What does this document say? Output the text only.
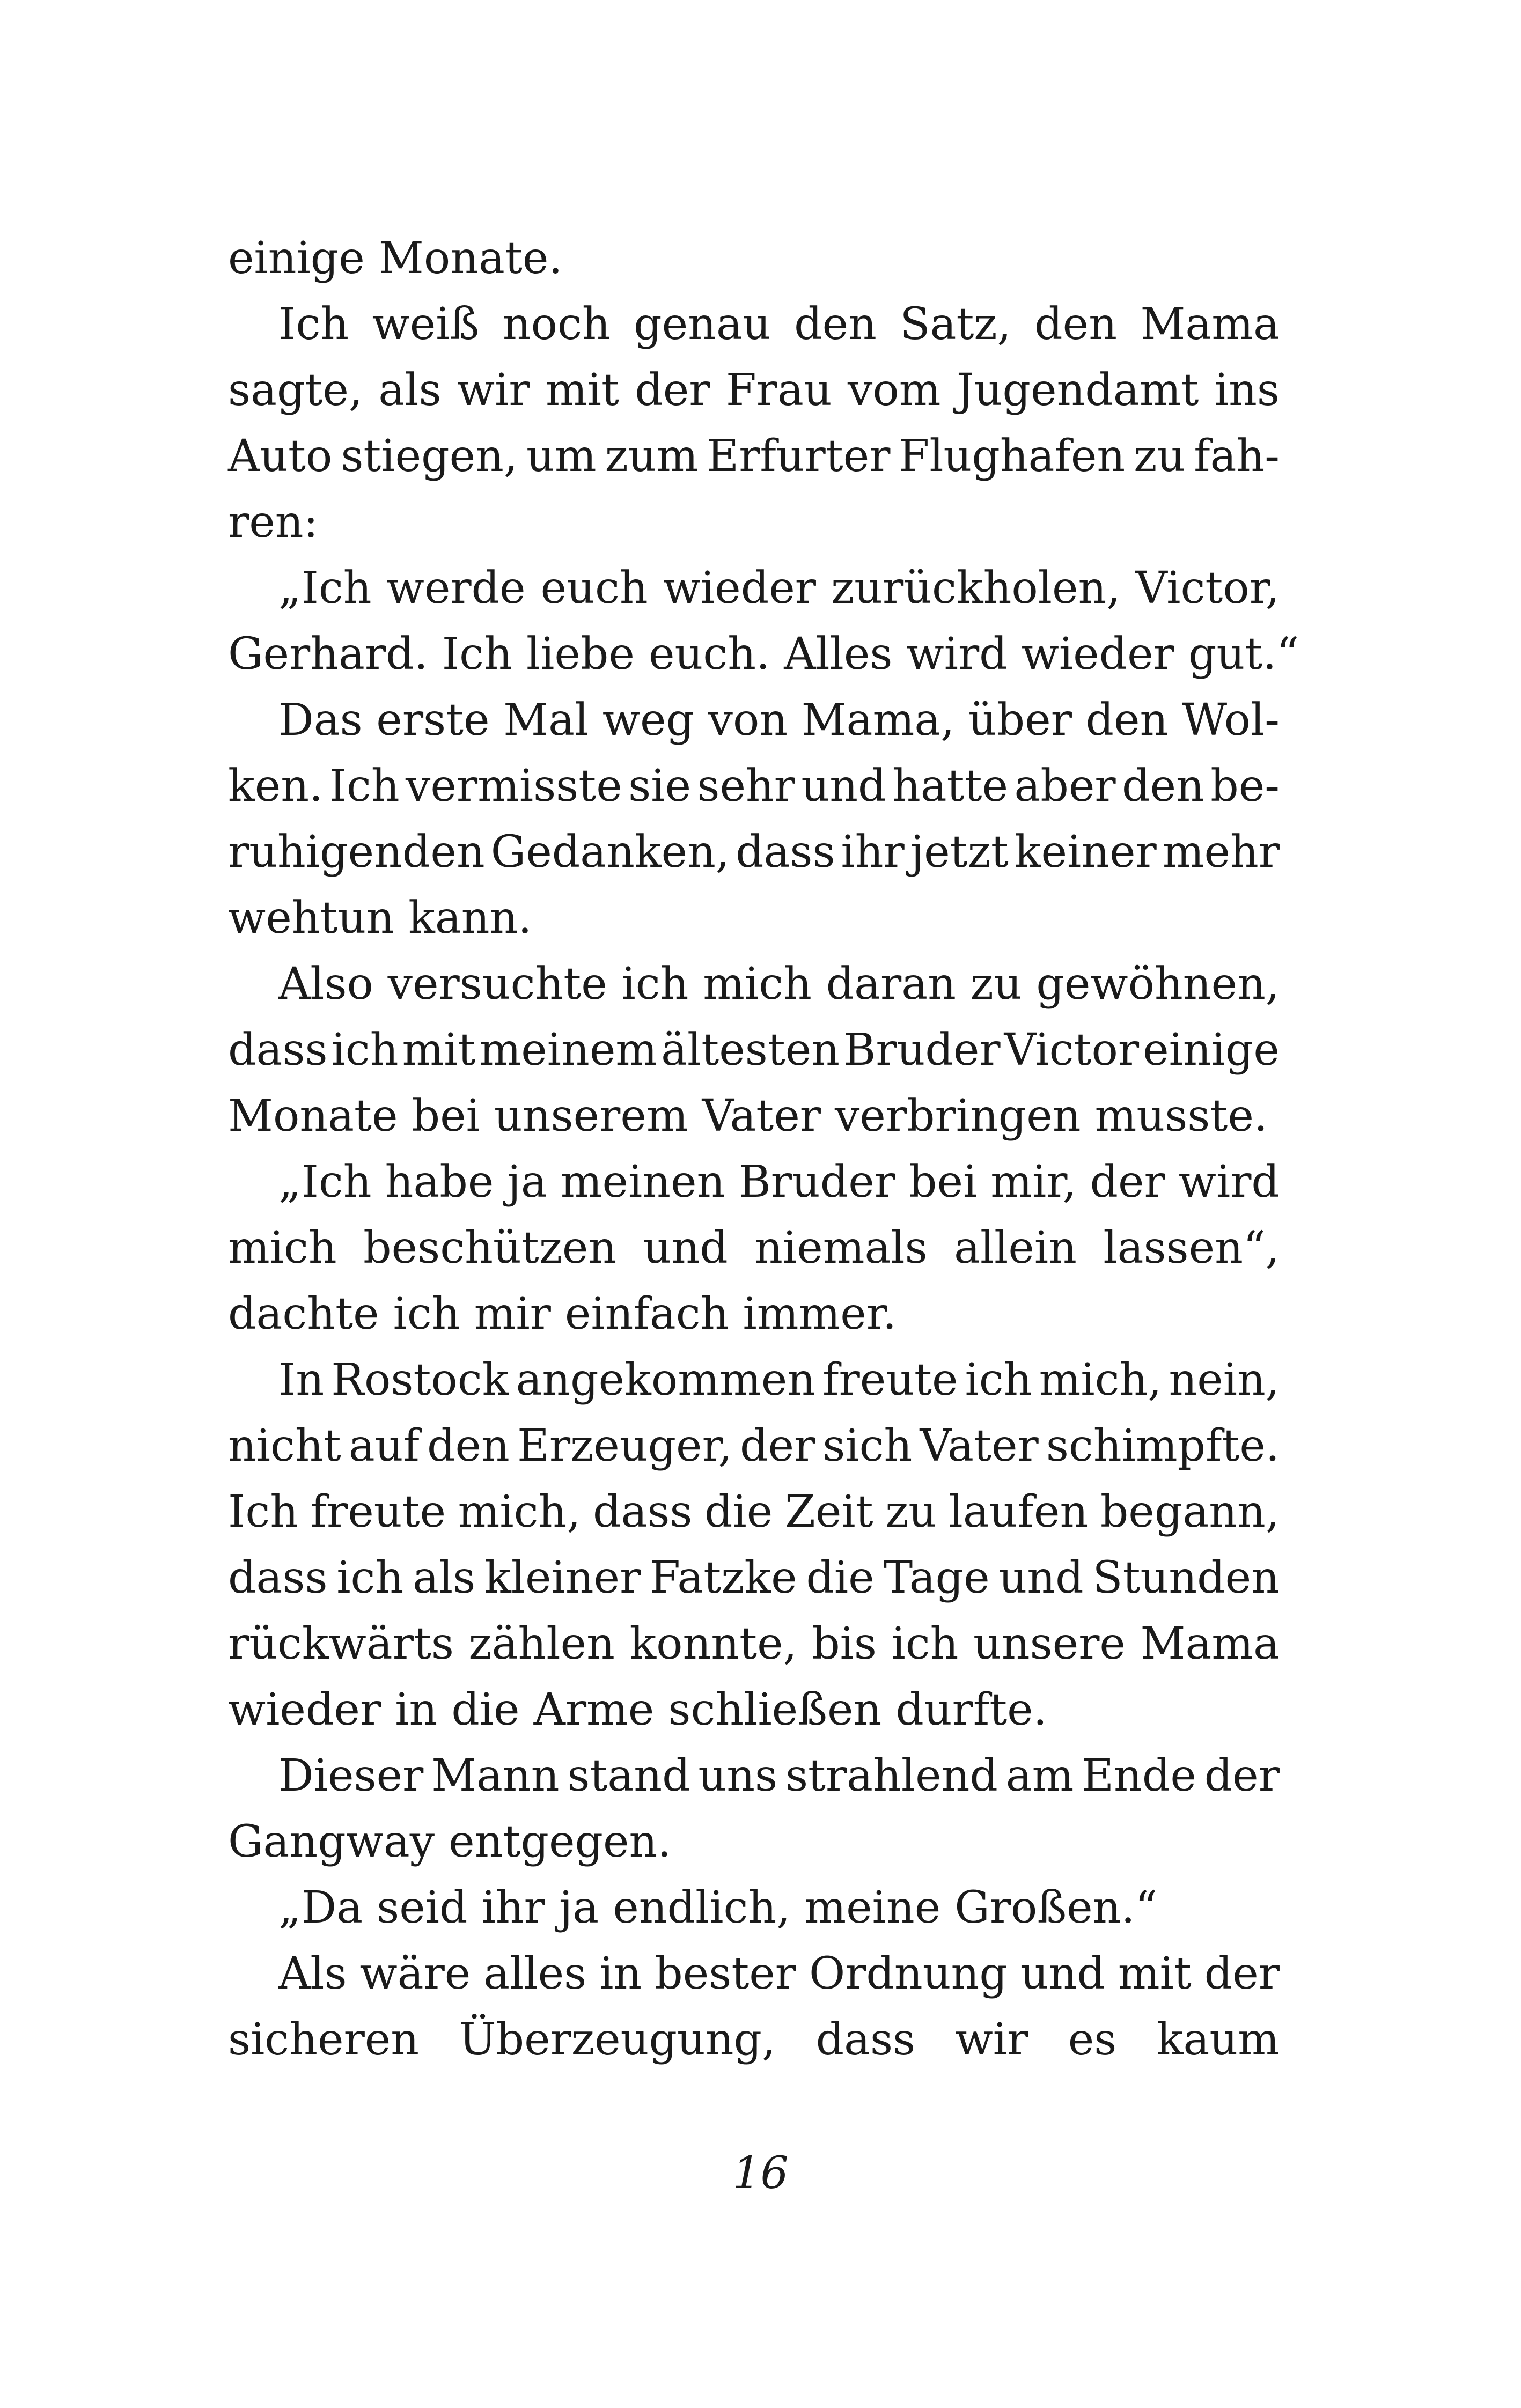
einige Monate.
Ich weiß noch genau den Satz, den Mama
sagte, als wir mit der Frau vom Jugendamt ins
Auto stiegen, um zum Erfurter Flughafen zu fah-
ren:
„Ich werde euch wieder zurückholen, Victor,
Gerhard. Ich liebe euch. Alles wird wieder gut.“
Das erste Mal weg von Mama, über den Wol-
ken. Ich vermisste sie sehr und hatte aber den be-
ruhigenden Gedanken, dass ihr jetzt keiner mehr
wehtun kann.
Also versuchte ich mich daran zu gewöhnen,
dass ich mit meinem ältesten Bruder Victor einige
Monate bei unserem Vater verbringen musste.
„Ich habe ja meinen Bruder bei mir, der wird
mich beschützen und niemals allein lassen“,
dachte ich mir einfach immer.
In Rostock angekommen freute ich mich, nein,
nicht auf den Erzeuger, der sich Vater schimpfte.
Ich freute mich, dass die Zeit zu laufen begann,
dass ich als kleiner Fatzke die Tage und Stunden
rückwärts zählen konnte, bis ich unsere Mama
wieder in die Arme schließen durfte.
Dieser Mann stand uns strahlend am Ende der
Gangway entgegen.
„Da seid ihr ja endlich, meine Großen.“
Als wäre alles in bester Ordnung und mit der
sicheren Überzeugung, dass wir es kaum
16
